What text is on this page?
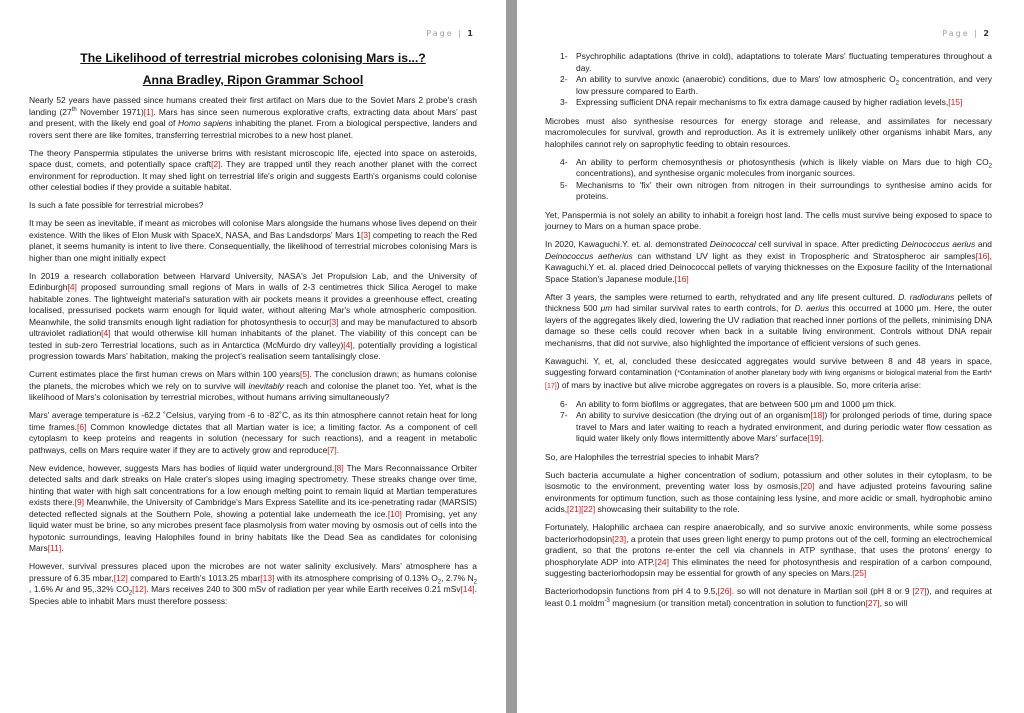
Page | 1
The Likelihood of terrestrial microbes colonising Mars is...?
Anna Bradley, Ripon Grammar School

Nearly 52 years have passed since humans created their first artifact on Mars due to the Soviet Mars 2 probe's crash landing (27th November 1971)[1]. Mars has since seen numerous explorative crafts, extracting data about Mars' past and present, with the likely end goal of Homo sapiens inhabiting the planet. From a biological perspective, landers and rovers sent there are like fomites, transferring terrestrial microbes to a new host planet.

The theory Panspermia stipulates the universe brims with resistant microscopic life, ejected into space on asteroids, space dust, comets, and potentially space craft[2]. They are trapped until they reach another planet with the correct environment for reproduction. It may shed light on terrestrial life's origin and suggests Earth's organisms could colonise other celestial bodies if they provide a suitable habitat.

Is such a fate possible for terrestrial microbes?

It may be seen as inevitable, if meant as microbes will colonise Mars alongside the humans whose lives depend on their existence. With the likes of Elon Musk with SpaceX, NASA, and Bas Landsdorps' Mars 1[3] competing to reach the Red planet, it seems humanity is intent to live there. Consequentially, the likelihood of terrestrial microbes colonising Mars is higher than one might initially expect

In 2019 a research collaboration between Harvard University, NASA's Jet Propulsion Lab, and the University of Edinburgh[4] proposed surrounding small regions of Mars in walls of 2-3 centimetres thick Silica Aerogel to make habitable zones. The lightweight material's saturation with air pockets means it provides a greenhouse effect, creating localised, pressurised pockets warm enough for liquid water, without altering Mar's whole atmospheric composition. Meanwhile, the solid transmits enough light radiation for photosynthesis to occur[3] and may be manufactured to absorb ultraviolet radiation[4] that would otherwise kill human inhabitants of the planet. The viability of this concept can be tested in sub-zero Terrestrial locations, such as in Antarctica (McMurdo dry valley)[4], potentially providing a logistical progression towards Mars' habitation, making the project's realisation seem tantalisingly close.

Current estimates place the first human crews on Mars within 100 years[5]. The conclusion drawn; as humans colonise the planets, the microbes which we rely on to survive will inevitably reach and colonise the planet too. Yet, what is the likelihood of Mars's colonisation by terrestrial microbes, without humans arriving simultaneously?

Mars' average temperature is -62.2 ˚Celsius, varying from -6 to -82˚C, as its thin atmosphere cannot retain heat for long time frames.[6] Common knowledge dictates that all Martian water is ice; a limiting factor. As a component of cell cytoplasm to keep proteins and reagents in solution (necessary for such reactions), and a reagent in metabolic pathways, cells on Mars require water if they are to actively grow and reproduce[7].

New evidence, however, suggests Mars has bodies of liquid water underground.[8] The Mars Reconnaissance Orbiter detected salts and dark streaks on Hale crater's slopes using imaging spectrometry. These streaks change over time, hinting that water with high salt concentrations for a low enough melting point to remain liquid at Martian temperatures exists there.[9] Meanwhile, the University of Cambridge's Mars Express Satellite and its ice-penetrating radar (MARSIS) detected reflected signals at the Southern Pole, showing a potential lake underneath the ice.[10] Promising, yet any liquid water must be brine, so any microbes present face plasmolysis from water moving by osmosis out of cells into the hypotonic surroundings, leaving Halophiles found in briny habitats like the Dead Sea as candidates for colonising Mars[11].

However, survival pressures placed upon the microbes are not water salinity exclusively. Mars' atmosphere has a pressure of 6.35 mbar,[12] compared to Earth's 1013.25 mbar[13] with its atmosphere comprising of 0.13% $O_2$, 2.7% $N_2$ , 1.6% Ar and 95,.32% $CO_2[12]$. Mars receives 240 to 300 mSv of radiation per year while Earth receives 0.21 mSv[14]. Species able to inhabit Mars must therefore possess:

Page | 2
1-	Psychrophilic adaptations (thrive in cold), adaptations to tolerate Mars' fluctuating temperatures throughout a day.
2-	An ability to survive anoxic (anaerobic) conditions, due to Mars' low atmospheric $O_2$ concentration, and very low pressure compared to Earth.
3-	Expressing sufficient DNA repair mechanisms to fix extra damage caused by higher radiation levels,[15]

Microbes must also synthesise resources for energy storage and release, and assimilates for necessary macromolecules for survival, growth and reproduction. As it is extremely unlikely other organisms inhabit Mars, any halophiles cannot rely on saprophytic feeding to obtain resources.

4-	An ability to perform chemosynthesis or photosynthesis (which is likely viable on Mars due to high $CO_2$ concentrations), and synthesise organic molecules from inorganic sources.
5-	Mechanisms to 'fix' their own nitrogen from nitrogen in their surroundings to synthesise amino acids for proteins.

Yet, Panspermia is not solely an ability to inhabit a foreign host land. The cells must survive being exposed to space to journey to Mars on a human space probe.

In 2020, Kawaguchi.Y. et. al. demonstrated Deinococcal cell survival in space. After predicting Deinococcus aerius and Deinococcus aetherius can withstand UV light as they exist in Tropospheric and Stratospheroc air samples[16], Kawaguchi.Y et. al. placed dried Deinococcal pellets of varying thicknesses on the Exposure facility of the International Space Station's Japanese module.[16]

After 3 years, the samples were returned to earth, rehydrated and any life present cultured. D. radiodurans pellets of thickness 500 μm had similar survival rates to earth controls, for D. aerius this occurred at 1000 μm. Here, the outer layers of the aggregates likely died, lowering the UV radiation that reached inner portions of the pellets, minimising DNA damage so these cells could recover when back in a suitable living environment. Controls without DNA repair mechanisms, that did not survive, also highlighted the importance of efficient versions of such genes.

Kawaguchi. Y, et, al, concluded these desiccated aggregates would survive between 8 and 48 years in space, suggesting forward contamination (*Contamination of another planetary body with living organisms or biological material from the Earth*[17]) of mars by inactive but alive microbe aggregates on rovers is a plausible. So, more criteria arise:

6-	An ability to form biofilms or aggregates, that are between 500 μm and 1000 μm thick.
7-	An ability to survive desiccation (the drying out of an organism[18]) for prolonged periods of time, during space travel to Mars and later waiting to reach a hydrated environment, and during periodic water flow cessation as liquid water likely only flows intermittently above Mars' surface[19].

So, are Halophiles the terrestrial species to inhabit Mars?

Such bacteria accumulate a higher concentration of sodium, potassium and other solutes in their cytoplasm, to be isosmotic to the environment, preventing water loss by osmosis,[20] and have adjusted proteins favouring saline environments for optimum function, such as those containing less lysine, and more acidic or small, hydrophobic amino acids,[21][22] showcasing their suitability to the role.

Fortunately, Halophilic archaea can respire anaerobically, and so survive anoxic environments, while some possess bacteriorhodopsin[23], a protein that uses green light energy to pump protons out of the cell, forming an electrochemical gradient, so that the protons re-enter the cell via channels in ATP synthase, that uses the protons' energy to phosphorylate ADP into ATP.[24] This eliminates the need for photosynthesis and respiration of a carbon compound, suggesting bacteriorhodopsin may be essential for growth of any species on Mars.[25]

Bacteriorhodopsin functions from pH 4 to 9.5,[26]. so will not denature in Martian soil (pH 8 or 9 [27]), and requires at least 0.1 moldm$^{-3}$ magnesium (or transition metal) concentration in solution to function[27], so will
